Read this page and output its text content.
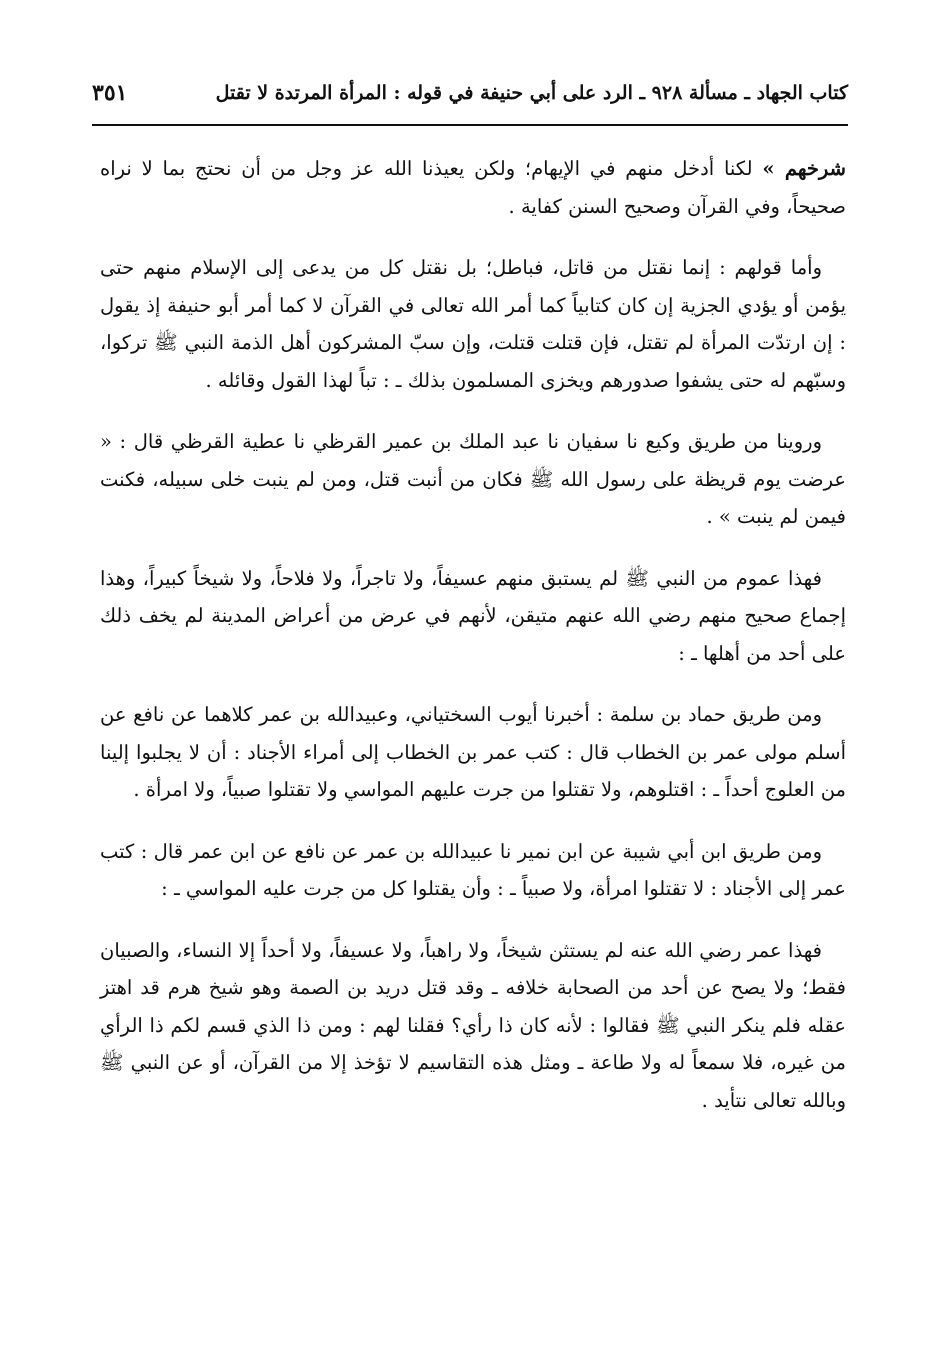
كتاب الجهاد ـ مسألة ٩٢٨ ـ الرد على أبي حنيفة في قوله : المرأة المرتدة لا تقتل
٣٥١

شرخهم » لكنا أدخل منهم في الإيهام؛ ولكن يعيذنا الله عز وجل من أن نحتج بما لا نراه صحيحاً، وفي القرآن وصحيح السنن كفاية .

وأما قولهم : إنما نقتل من قاتل، فباطل؛ بل نقتل كل من يدعى إلى الإسلام منهم حتى يؤمن أو يؤدي الجزية إن كان كتابياً كما أمر الله تعالى في القرآن لا كما أمر أبو حنيفة إذ يقول : إن ارتدّت المرأة لم تقتل، فإن قتلت قتلت، وإن سبّ المشركون أهل الذمة النبي ﷺ تركوا، وسبّهم له حتى يشفوا صدورهم ويخزى المسلمون بذلك ـ : تباً لهذا القول وقائله .

وروينا من طريق وكيع نا سفيان نا عبد الملك بن عمير القرظي نا عطية القرظي قال : « عرضت يوم قريظة على رسول الله ﷺ فكان من أنبت قتل، ومن لم ينبت خلى سبيله، فكنت فيمن لم ينبت » .

فهذا عموم من النبي ﷺ لم يستبق منهم عسيفاً، ولا تاجراً، ولا فلاحاً، ولا شيخاً كبيراً، وهذا إجماع صحيح منهم رضي الله عنهم متيقن، لأنهم في عرض من أعراض المدينة لم يخف ذلك على أحد من أهلها ـ :

ومن طريق حماد بن سلمة : أخبرنا أيوب السختياني، وعبيدالله بن عمر كلاهما عن نافع عن أسلم مولى عمر بن الخطاب قال : كتب عمر بن الخطاب إلى أمراء الأجناد : أن لا يجلبوا إلينا من العلوج أحداً ـ : اقتلوهم، ولا تقتلوا من جرت عليهم المواسي ولا تقتلوا صبياً، ولا امرأة .

ومن طريق ابن أبي شيبة عن ابن نمير نا عبيدالله بن عمر عن نافع عن ابن عمر قال : كتب عمر إلى الأجناد : لا تقتلوا امرأة، ولا صبياً ـ : وأن يقتلوا كل من جرت عليه المواسي ـ :

فهذا عمر رضي الله عنه لم يستثن شيخاً، ولا راهباً، ولا عسيفاً، ولا أحداً إلا النساء، والصبيان فقط؛ ولا يصح عن أحد من الصحابة خلافه ـ وقد قتل دريد بن الصمة وهو شيخ هرم قد اهتز عقله فلم ينكر النبي ﷺ فقالوا : لأنه كان ذا رأي؟ فقلنا لهم : ومن ذا الذي قسم لكم ذا الرأي من غيره، فلا سمعاً له ولا طاعة ـ ومثل هذه التقاسيم لا تؤخذ إلا من القرآن، أو عن النبي ﷺ وبالله تعالى نتأيد .
